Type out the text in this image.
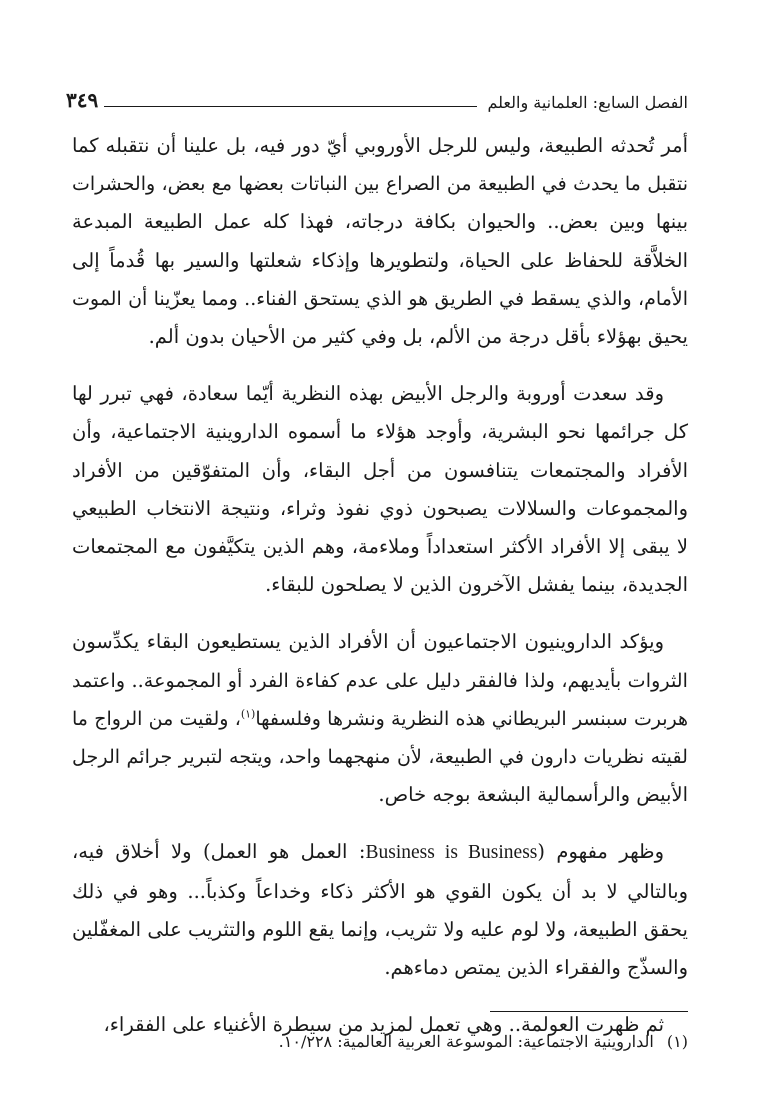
الفصل السابع: العلمانية والعلم
٣٤٩

أمر تُحدثه الطبيعة، وليس للرجل الأوروبي أيّ دور فيه، بل علينا أن نتقبله كما
نتقبل ما يحدث في الطبيعة من الصراع بين النباتات بعضها مع بعض، والحشرات
بينها وبين بعض.. والحيوان بكافة درجاته، فهذا كله عمل الطبيعة المبدعة
الخلاَّقة للحفاظ على الحياة، ولتطويرها وإذكاء شعلتها والسير بها قُدماً إلى
الأمام، والذي يسقط في الطريق هو الذي يستحق الفناء.. ومما يعزّينا أن الموت
يحيق بهؤلاء بأقل درجة من الألم، بل وفي كثير من الأحيان بدون ألم.

وقد سعدت أوروبة والرجل الأبيض بهذه النظرية أيّما سعادة، فهي تبرر لها
كل جرائمها نحو البشرية، وأوجد هؤلاء ما أسموه الداروينية الاجتماعية، وأن
الأفراد والمجتمعات يتنافسون من أجل البقاء، وأن المتفوّقين من الأفراد
والمجموعات والسلالات يصبحون ذوي نفوذ وثراء، ونتيجة الانتخاب الطبيعي
لا يبقى إلا الأفراد الأكثر استعداداً وملاءمة، وهم الذين يتكيَّفون مع المجتمعات
الجديدة، بينما يفشل الآخرون الذين لا يصلحون للبقاء.

ويؤكد الداروينيون الاجتماعيون أن الأفراد الذين يستطيعون البقاء يكدِّسون
الثروات بأيديهم، ولذا فالفقر دليل على عدم كفاءة الفرد أو المجموعة.. واعتمد
هربرت سبنسر البريطاني هذه النظرية ونشرها وفلسفها$^{(١)}$، ولقيت من الرواج ما
لقيته نظريات دارون في الطبيعة، لأن منهجهما واحد، ويتجه لتبرير جرائم الرجل
الأبيض والرأسمالية البشعة بوجه خاص.

وظهر مفهوم (Business is Business: العمل هو العمل) ولا أخلاق فيه،
وبالتالي لا بد أن يكون القوي هو الأكثر ذكاء وخداعاً وكذباً... وهو في ذلك
يحقق الطبيعة، ولا لوم عليه ولا تثريب، وإنما يقع اللوم والتثريب على المغفّلين
والسذّج والفقراء الذين يمتص دماءهم.

ثم ظهرت العولمة.. وهي تعمل لمزيد من سيطرة الأغنياء على الفقراء،

(١) الداروينية الاجتماعية: الموسوعة العربية العالمية: ١٠/٢٢٨.
